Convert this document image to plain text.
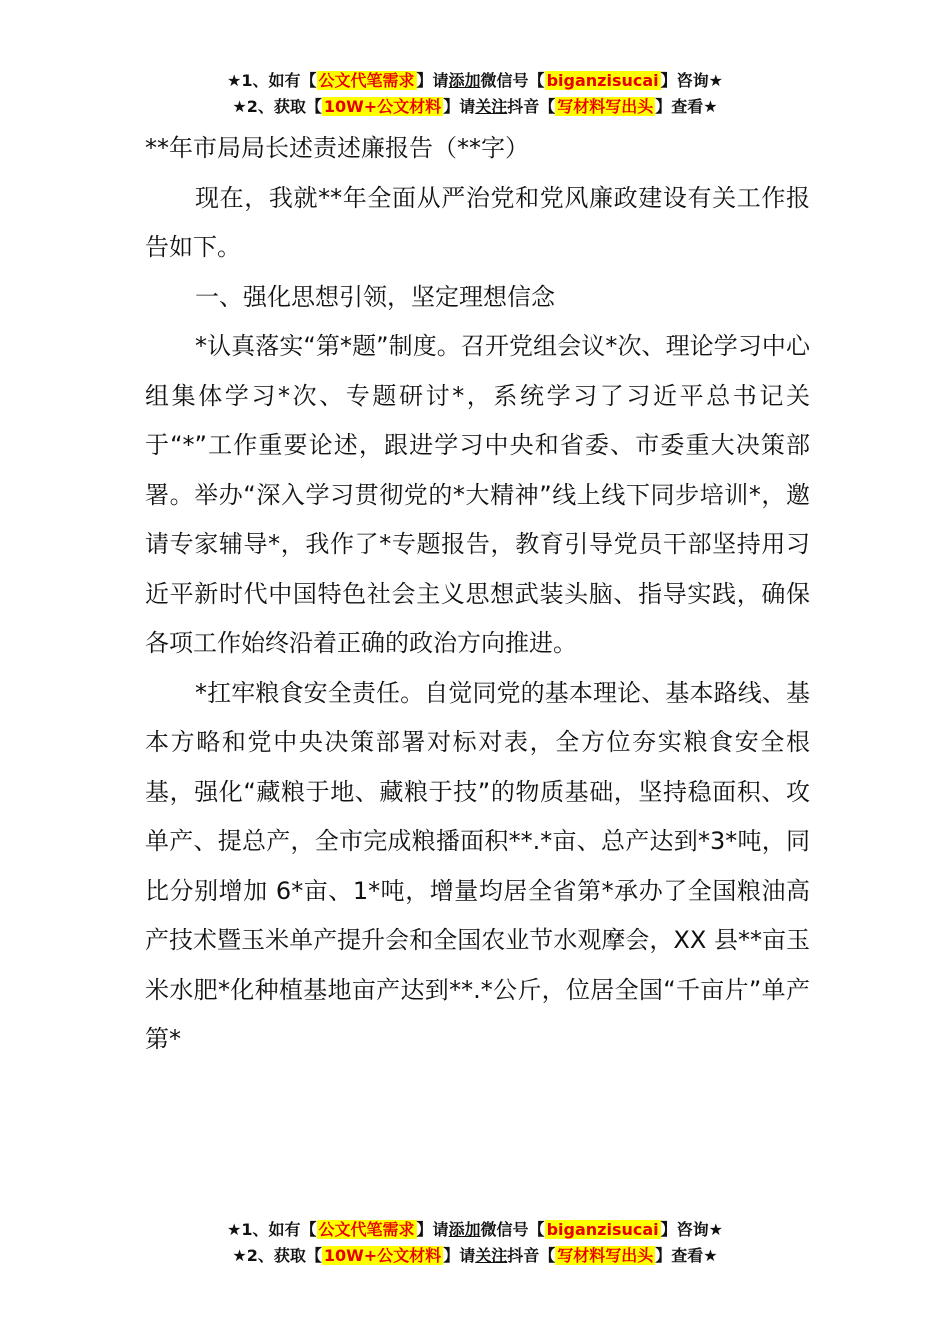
★1、如有【 公文代笔需求 】请添加微信号【 biganzisucai 】咨询★
★2、获取【 10W+公文材料 】请关注抖音【 写材料写出头 】查看★

**年市局局长述责述廉报告（**字）

现在，我就**年全面从严治党和党风廉政建设有关工作报告如下。

一、强化思想引领，坚定理想信念

*认真落实“第*题”制度。召开党组会议*次、理论学习中心组集体学习*次、专题研讨*，系统学习了习近平总书记关于“*”工作重要论述，跟进学习中央和省委、市委重大决策部署。举办“深入学习贯彻党的*大精神”线上线下同步培训*，邀请专家辅导*，我作了*专题报告，教育引导党员干部坚持用习近平新时代中国特色社会主义思想武装头脑、指导实践，确保各项工作始终沿着正确的政治方向推进。

*扛牢粮食安全责任。自觉同党的基本理论、基本路线、基本方略和党中央决策部署对标对表，全方位夯实粮食安全根基，强化“藏粮于地、藏粮于技”的物质基础，坚持稳面积、攻单产、提总产，全市完成粮播面积**.*亩、总产达到*3*吨，同比分别增加 6*亩、1*吨，增量均居全省第*承办了全国粮油高产技术暨玉米单产提升会和全国农业节水观摩会，XX 县**亩玉米水肥*化种植基地亩产达到**.*公斤，位居全国“千亩片”单产第*

★1、如有【 公文代笔需求 】请添加微信号【 biganzisucai 】咨询★
★2、获取【 10W+公文材料 】请关注抖音【 写材料写出头 】查看★
